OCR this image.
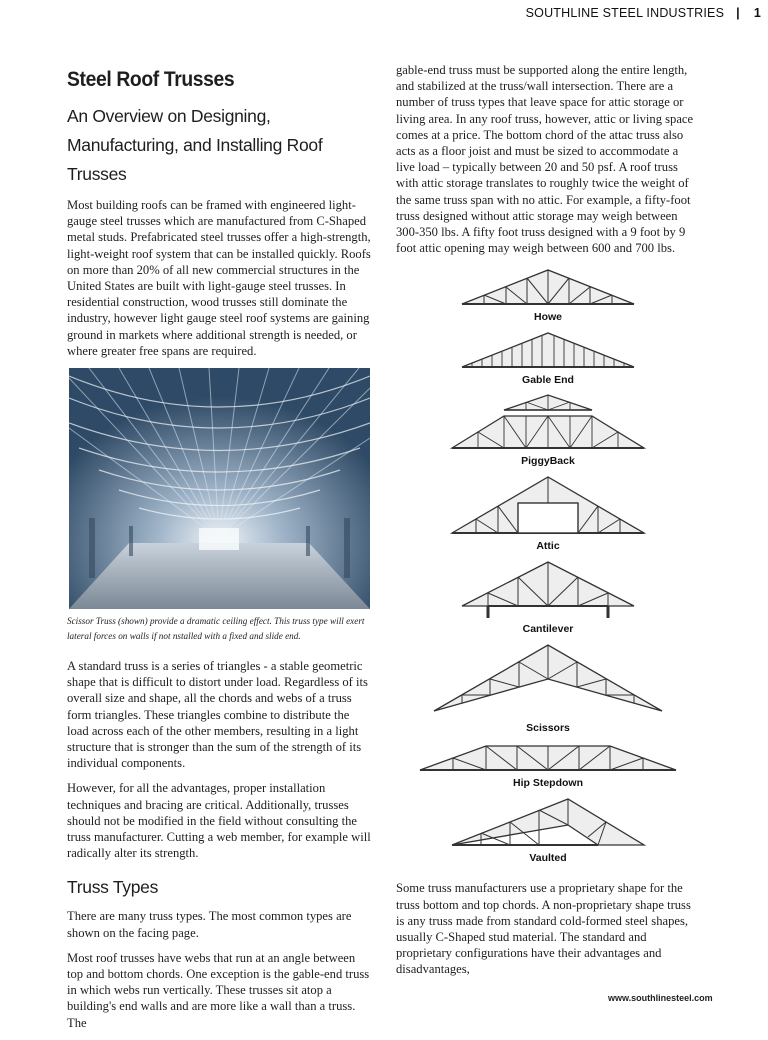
SOUTHLINE STEEL INDUSTRIES | 1
Steel Roof Trusses
An Overview on Designing, Manufacturing, and Installing Roof Trusses

Most building roofs can be framed with engineered light-gauge steel trusses which are manufactured from C-Shaped metal studs. Prefabricated steel trusses offer a high-strength, light-weight roof system that can be installed quickly. Roofs on more than 20% of all new commercial structures in the United States are built with light-gauge steel trusses. In residential construction, wood trusses still dominate the industry, however light gauge steel roof systems are gaining ground in markets where additional strength is needed, or where greater free spans are required.

Scissor Truss (shown) provide a dramatic ceiling effect. This truss type will exert lateral forces on walls if not nstalled with a fixed and slide end.

A standard truss is a series of triangles - a stable geometric shape that is difficult to distort under load. Regardless of its overall size and shape, all the chords and webs of a truss form triangles. These triangles combine to distribute the load across each of the other members, resulting in a light structure that is stronger than the sum of the strength of its individual components.

However, for all the advantages, proper installation techniques and bracing are critical. Additionally, trusses should not be modified in the field without consulting the truss manufacturer. Cutting a web member, for example will radically alter its strength.

Truss Types

There are many truss types. The most common types are shown on the facing page.

Most roof trusses have webs that run at an angle between top and bottom chords. One exception is the gable-end truss in which webs run vertically. These trusses sit atop a building's end walls and are more like a wall than a truss. The

gable-end truss must be supported along the entire length, and stabilized at the truss/wall intersection. There are a number of truss types that leave space for attic storage or living area. In any roof truss, however, attic or living space comes at a price. The bottom chord of the attac truss also acts as a floor joist and must be sized to accommodate a live load – typically between 20 and 50 psf. A roof truss with attic storage translates to roughly twice the weight of the same truss span with no attic. For example, a fifty-foot truss designed without attic storage may weigh between 300-350 lbs. A fifty foot truss designed with a 9 foot by 9 foot attic opening may weigh between 600 and 700 lbs.

Howe
Gable End
PiggyBack
Attic
Cantilever
Scissors
Hip Stepdown
Vaulted

Some truss manufacturers use a proprietary shape for the truss bottom and top chords. A non-proprietary shape truss is any truss made from standard cold-formed steel shapes, usually C-Shaped stud material. The standard and proprietary configurations have their advantages and disadvantages,

www.southlinesteel.com
